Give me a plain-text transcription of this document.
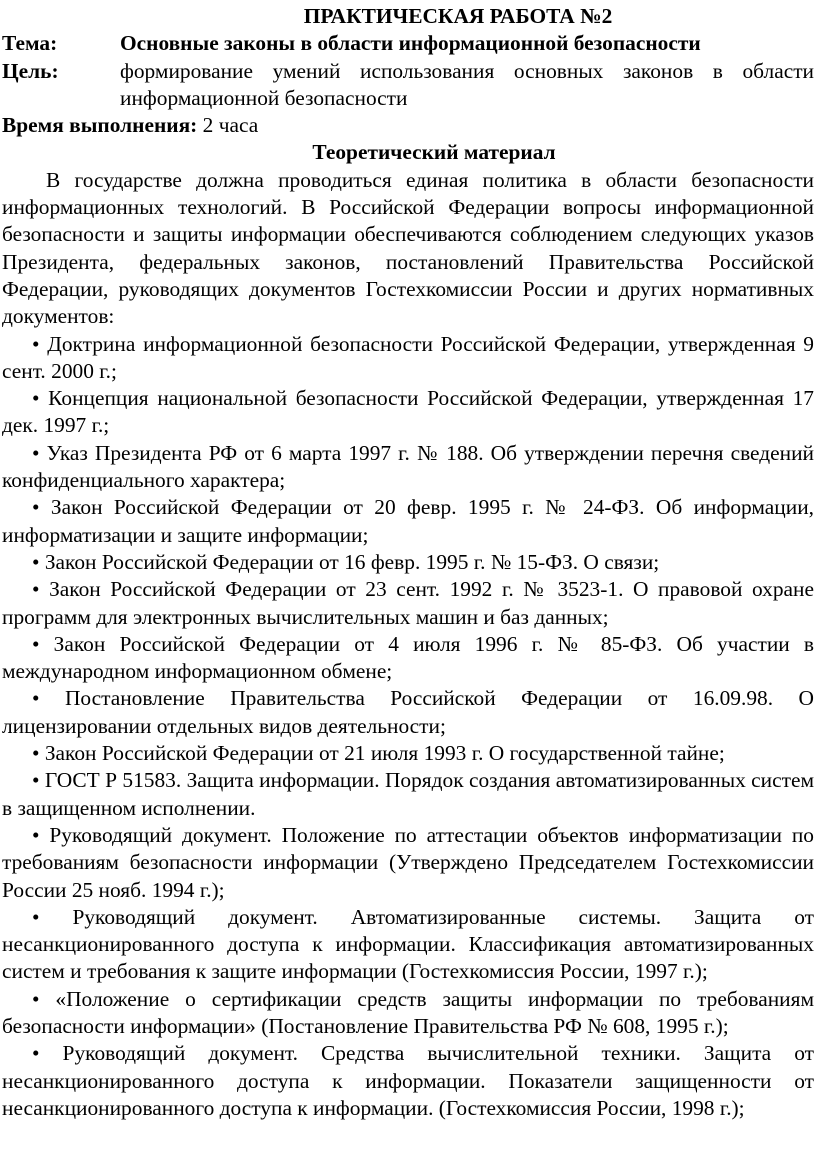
ПРАКТИЧЕСКАЯ РАБОТА №2
Тема:	Основные законы в области информационной безопасности
Цель:	формирование умений использования основных законов в области информационной безопасности
Время выполнения: 2 часа
Теоретический материал

В государстве должна проводиться единая политика в области безопасности информационных технологий. В Российской Федерации вопросы информационной безопасности и защиты информации обеспечиваются соблюдением следующих указов Президента, федеральных законов, постановлений Правительства Российской Федерации, руководящих документов Гостехкомиссии России и других нормативных документов:

• Доктрина информационной безопасности Российской Федерации, утвержденная 9 сент. 2000 г.;

• Концепция национальной безопасности Российской Федерации, утвержденная 17 дек. 1997 г.;

• Указ Президента РФ от 6 марта 1997 г. № 188. Об утверждении перечня сведений конфиденциального характера;

• Закон Российской Федерации от 20 февр. 1995 г. № 24-ФЗ. Об информации, информатизации и защите информации;

• Закон Российской Федерации от 16 февр. 1995 г. № 15-ФЗ. О связи;

• Закон Российской Федерации от 23 сент. 1992 г. № 3523-1. О правовой охране программ для электронных вычислительных машин и баз данных;

• Закон Российской Федерации от 4 июля 1996 г. № 85-ФЗ. Об участии в международном информационном обмене;

• Постановление Правительства Российской Федерации от 16.09.98. О лицензировании отдельных видов деятельности;

• Закон Российской Федерации от 21 июля 1993 г. О государственной тайне;

• ГОСТ Р 51583. Защита информации. Порядок создания автоматизированных систем в защищенном исполнении.

• Руководящий документ. Положение по аттестации объектов информатизации по требованиям безопасности информации (Утверждено Председателем Гостехкомиссии России 25 нояб. 1994 г.);

• Руководящий документ. Автоматизированные системы. Защита от несанкционированного доступа к информации. Классификация автоматизированных систем и требования к защите информации (Гостехкомиссия России, 1997 г.);

• «Положение о сертификации средств защиты информации по требованиям безопасности информации» (Постановление Правительства РФ № 608, 1995 г.);

• Руководящий документ. Средства вычислительной техники. Защита от несанкционированного доступа к информации. Показатели защищенности от несанкционированного доступа к информации. (Гостехкомиссия России, 1998 г.);
